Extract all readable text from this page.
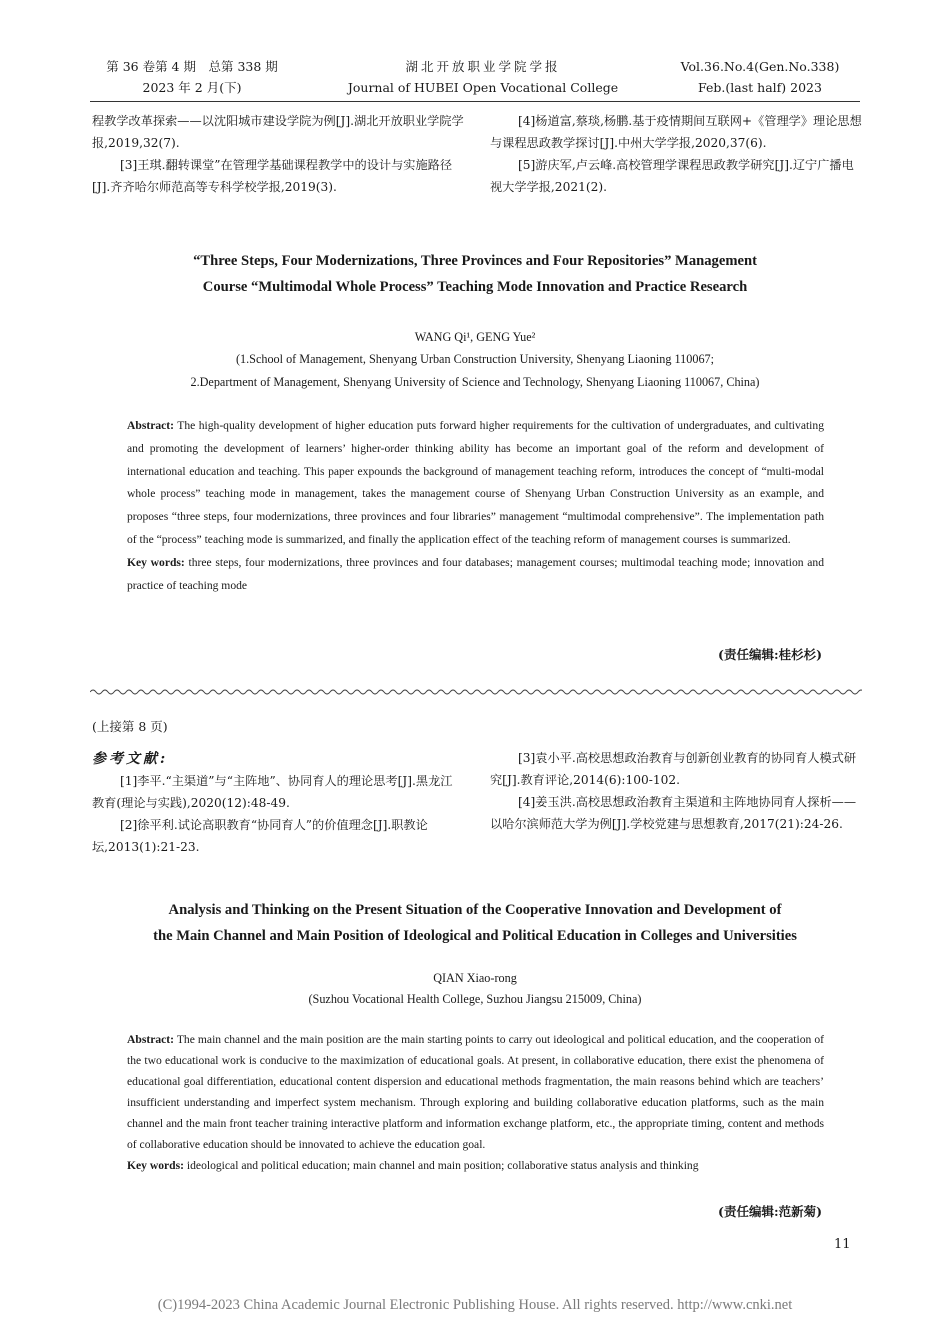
第 36 卷第 4 期　总第 338 期
2023 年 2 月(下)
湖北开放职业学院学报
Journal of HUBEI Open Vocational College
Vol.36.No.4(Gen.No.338)
Feb.(last half) 2023

程教学改革探索——以沈阳城市建设学院为例[J].湖北开放职业学院学报,2019,32(7).

[3]王琪.翻转课堂”在管理学基础课程教学中的设计与实施路径[J].齐齐哈尔师范高等专科学校学报,2019(3).

[4]杨道富,蔡琰,杨鹏.基于疫情期间互联网+《管理学》理论思想与课程思政教学探讨[J].中州大学学报,2020,37(6).

[5]游庆军,卢云峰.高校管理学课程思政教学研究[J].辽宁广播电视大学学报,2021(2).

“Three Steps, Four Modernizations, Three Provinces and Four Repositories” Management
Course “Multimodal Whole Process” Teaching Mode Innovation and Practice Research
WANG Qi¹, GENG Yue²
(1.School of Management, Shenyang Urban Construction University, Shenyang Liaoning 110067;
2.Department of Management, Shenyang University of Science and Technology, Shenyang Liaoning 110067, China)

Abstract: The high-quality development of higher education puts forward higher requirements for the cultivation of undergraduates, and cultivating and promoting the development of learners’ higher-order thinking ability has become an important goal of the reform and development of international education and teaching. This paper expounds the background of management teaching reform, introduces the concept of “multi-modal whole process” teaching mode in management, takes the management course of Shenyang Urban Construction University as an example, and proposes “three steps, four modernizations, three provinces and four libraries” management “multimodal comprehensive”. The implementation path of the “process” teaching mode is summarized, and finally the application effect of the teaching reform of management courses is summarized.

Key words: three steps, four modernizations, three provinces and four databases; management courses; multimodal teaching mode; innovation and practice of teaching mode

(责任编辑:桂杉杉)
(上接第 8 页)
参考文献:

[1]李平.“主渠道”与“主阵地”、协同育人的理论思考[J].黑龙江教育(理论与实践),2020(12):48-49.

[2]徐平利.试论高职教育“协同育人”的价值理念[J].职教论坛,2013(1):21-23.

[3]袁小平.高校思想政治教育与创新创业教育的协同育人模式研究[J].教育评论,2014(6):100-102.

[4]姜玉洪.高校思想政治教育主渠道和主阵地协同育人探析——以哈尔滨师范大学为例[J].学校党建与思想教育,2017(21):24-26.

Analysis and Thinking on the Present Situation of the Cooperative Innovation and Development of
the Main Channel and Main Position of Ideological and Political Education in Colleges and Universities
QIAN Xiao-rong
(Suzhou Vocational Health College, Suzhou Jiangsu 215009, China)

Abstract: The main channel and the main position are the main starting points to carry out ideological and political education, and the cooperation of the two educational work is conducive to the maximization of educational goals. At present, in collaborative education, there exist the phenomena of educational goal differentiation, educational content dispersion and educational methods fragmentation, the main reasons behind which are teachers’ insufficient understanding and imperfect system mechanism. Through exploring and building collaborative education platforms, such as the main channel and the main front teacher training interactive platform and information exchange platform, etc., the appropriate timing, content and methods of collaborative education should be innovated to achieve the education goal.

Key words: ideological and political education; main channel and main position; collaborative status analysis and thinking

(责任编辑:范新菊)
11
(C)1994-2023 China Academic Journal Electronic Publishing House. All rights reserved. http://www.cnki.net
